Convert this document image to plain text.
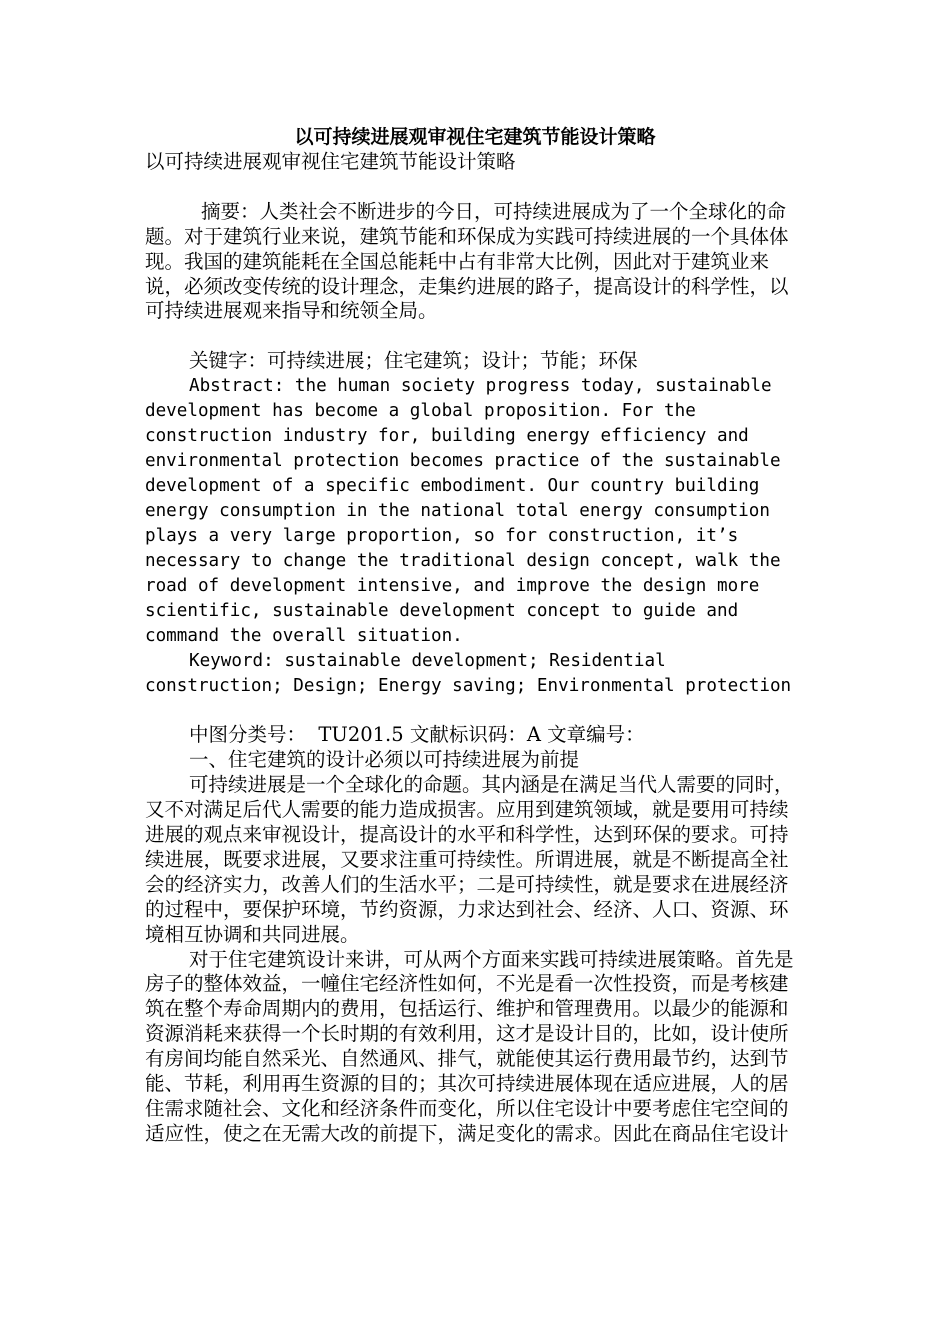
以可持续进展观审视住宅建筑节能设计策略

以可持续进展观审视住宅建筑节能设计策略

摘要：人类社会不断进步的今日，可持续进展成为了一个全球化的命题。对于建筑行业来说，建筑节能和环保成为实践可持续进展的一个具体体现。我国的建筑能耗在全国总能耗中占有非常大比例，因此对于建筑业来说，必须改变传统的设计理念，走集约进展的路子，提高设计的科学性，以可持续进展观来指导和统领全局。

关键字：可持续进展；住宅建筑；设计；节能；环保

Abstract: the human society progress today, sustainable development has become a global proposition. For the construction industry for, building energy efficiency and environmental protection becomes practice of the sustainable development of a specific embodiment. Our country building energy consumption in the national total energy consumption plays a very large proportion, so for construction, it’s necessary to change the traditional design concept, walk the road of development intensive, and improve the design more scientific, sustainable development concept to guide and command the overall situation.

Keyword: sustainable development; Residential construction; Design; Energy saving; Environmental protection

中图分类号：  TU201.5 文献标识码：A 文章编号：

一、住宅建筑的设计必须以可持续进展为前提

可持续进展是一个全球化的命题。其内涵是在满足当代人需要的同时，又不对满足后代人需要的能力造成损害。应用到建筑领域，就是要用可持续进展的观点来审视设计，提高设计的水平和科学性，达到环保的要求。可持续进展，既要求进展，又要求注重可持续性。所谓进展，就是不断提高全社会的经济实力，改善人们的生活水平；二是可持续性，就是要求在进展经济的过程中，要保护环境，节约资源，力求达到社会、经济、人口、资源、环境相互协调和共同进展。

对于住宅建筑设计来讲，可从两个方面来实践可持续进展策略。首先是房子的整体效益，一幢住宅经济性如何，不光是看一次性投资，而是考核建筑在整个寿命周期内的费用，包括运行、维护和管理费用。以最少的能源和资源消耗来获得一个长时期的有效利用，这才是设计目的，比如，设计使所有房间均能自然采光、自然通风、排气，就能使其运行费用最节约，达到节能、节耗，利用再生资源的目的；其次可持续进展体现在适应进展，人的居住需求随社会、文化和经济条件而变化，所以住宅设计中要考虑住宅空间的适应性，使之在无需大改的前提下，满足变化的需求。因此在商品住宅设计
